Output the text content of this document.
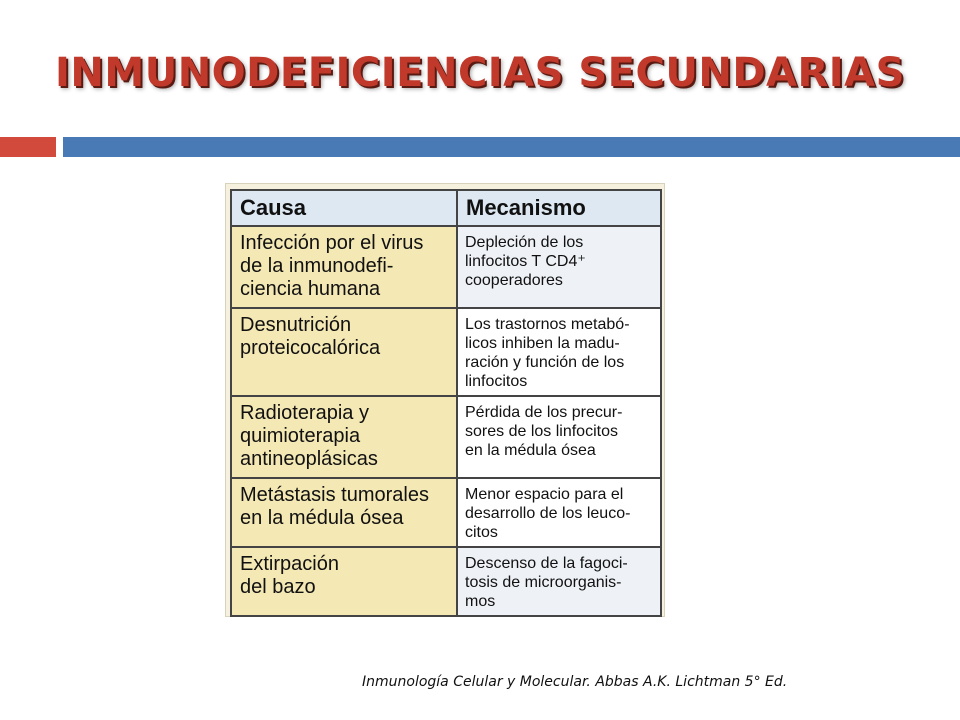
INMUNODEFICIENCIAS SECUNDARIAS
Causa	Mecanismo

Infección por el virus
de la inmunodefi-
ciencia humana	Depleción de los
linfocitos T CD4⁺
cooperadores

Desnutrición
proteicocalórica	Los trastornos metabó-
licos inhiben la madu-
ración y función de los
linfocitos

Radioterapia y
quimioterapia
antineoplásicas	Pérdida de los precur-
sores de los linfocitos
en la médula ósea

Metástasis tumorales
en la médula ósea	Menor espacio para el
desarrollo de los leuco-
citos

Extirpación
del bazo	Descenso de la fagoci-
tosis de microorganis-
mos
Inmunología Celular y Molecular. Abbas A.K. Lichtman 5° Ed.
